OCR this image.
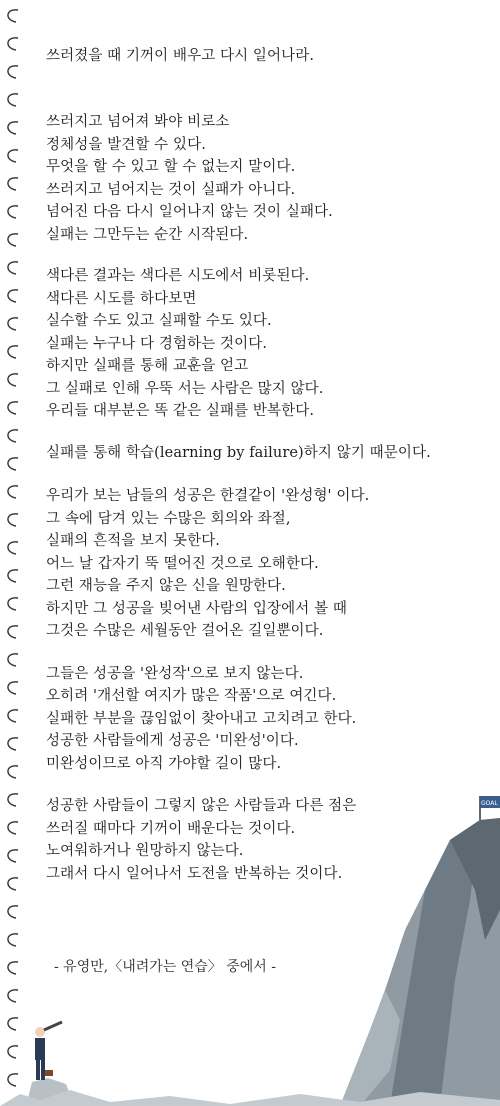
쓰러졌을 때 기꺼이 배우고 다시 일어나라.
쓰러지고 넘어져 봐야 비로소
정체성을 발견할 수 있다.
무엇을 할 수 있고 할 수 없는지 말이다.
쓰러지고 넘어지는 것이 실패가 아니다.
넘어진 다음 다시 일어나지 않는 것이 실패다.
실패는 그만두는 순간 시작된다.
색다른 결과는 색다른 시도에서 비롯된다.
색다른 시도를 하다보면
실수할 수도 있고 실패할 수도 있다.
실패는 누구나 다 경험하는 것이다.
하지만 실패를 통해 교훈을 얻고
그 실패로 인해 우뚝 서는 사람은 많지 않다.
우리들 대부분은 똑 같은 실패를 반복한다.
실패를 통해 학습(learning by failure)하지 않기 때문이다.
우리가 보는 남들의 성공은 한결같이 '완성형' 이다.
그 속에 담겨 있는 수많은 회의와 좌절,
실패의 흔적을 보지 못한다.
어느 날 갑자기 뚝 떨어진 것으로 오해한다.
그런 재능을 주지 않은 신을 원망한다.
하지만 그 성공을 빚어낸 사람의 입장에서 볼 때
그것은 수많은 세월동안 걸어온 길일뿐이다.
그들은 성공을 '완성작'으로 보지 않는다.
오히려 '개선할 여지가 많은 작품'으로 여긴다.
실패한 부분을 끊임없이 찾아내고 고치려고 한다.
성공한 사람들에게 성공은 '미완성'이다.
미완성이므로 아직 가야할 길이 많다.
성공한 사람들이 그렇지 않은 사람들과 다른 점은
쓰러질 때마다 기꺼이 배운다는 것이다.
노여워하거나 원망하지 않는다.
그래서 다시 일어나서 도전을 반복하는 것이다.
- 유영만,〈내려가는 연습〉 중에서 -
GOAL
